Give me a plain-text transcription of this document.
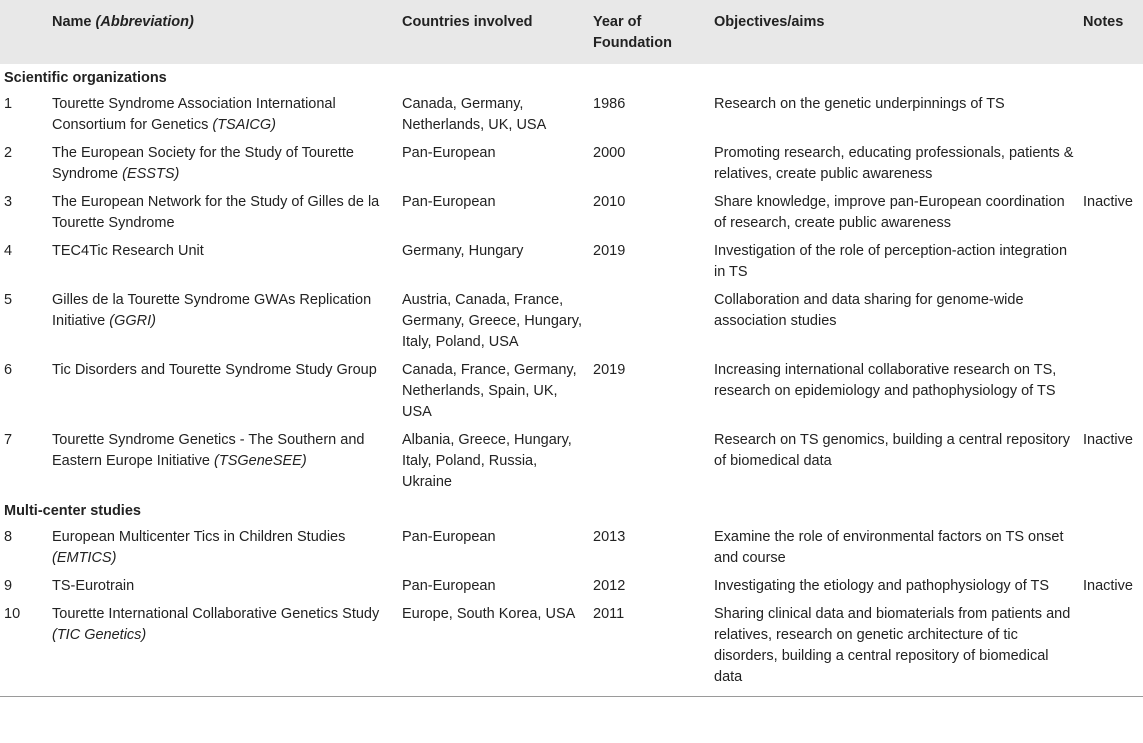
	Name (Abbreviation)	Countries involved	Year of Foundation	Objectives/aims	Notes
Scientific organizations					
1	Tourette Syndrome Association International Consortium for Genetics (TSAICG)	Canada, Germany, Netherlands, UK, USA	1986	Research on the genetic underpinnings of TS	
2	The European Society for the Study of Tourette Syndrome (ESSTS)	Pan-European	2000	Promoting research, educating professionals, patients & relatives, create public awareness	
3	The European Network for the Study of Gilles de la Tourette Syndrome	Pan-European	2010	Share knowledge, improve pan-European coordination of research, create public awareness	Inactive
4	TEC4Tic Research Unit	Germany, Hungary	2019	Investigation of the role of perception-action integration in TS	
5	Gilles de la Tourette Syndrome GWAs Replication Initiative (GGRI)	Austria, Canada, France, Germany, Greece, Hungary, Italy, Poland, USA		Collaboration and data sharing for genome-wide association studies	
6	Tic Disorders and Tourette Syndrome Study Group	Canada, France, Germany, Netherlands, Spain, UK, USA	2019	Increasing international collaborative research on TS, research on epidemiology and pathophysiology of TS	
7	Tourette Syndrome Genetics - The Southern and Eastern Europe Initiative (TSGeneSEE)	Albania, Greece, Hungary, Italy, Poland, Russia, Ukraine		Research on TS genomics, building a central repository of biomedical data	Inactive
Multi-center studies					
8	European Multicenter Tics in Children Studies (EMTICS)	Pan-European	2013	Examine the role of environmental factors on TS onset and course	
9	TS-Eurotrain	Pan-European	2012	Investigating the etiology and pathophysiology of TS	Inactive
10	Tourette International Collaborative Genetics Study (TIC Genetics)	Europe, South Korea, USA	2011	Sharing clinical data and biomaterials from patients and relatives, research on genetic architecture of tic disorders, building a central repository of biomedical data	
